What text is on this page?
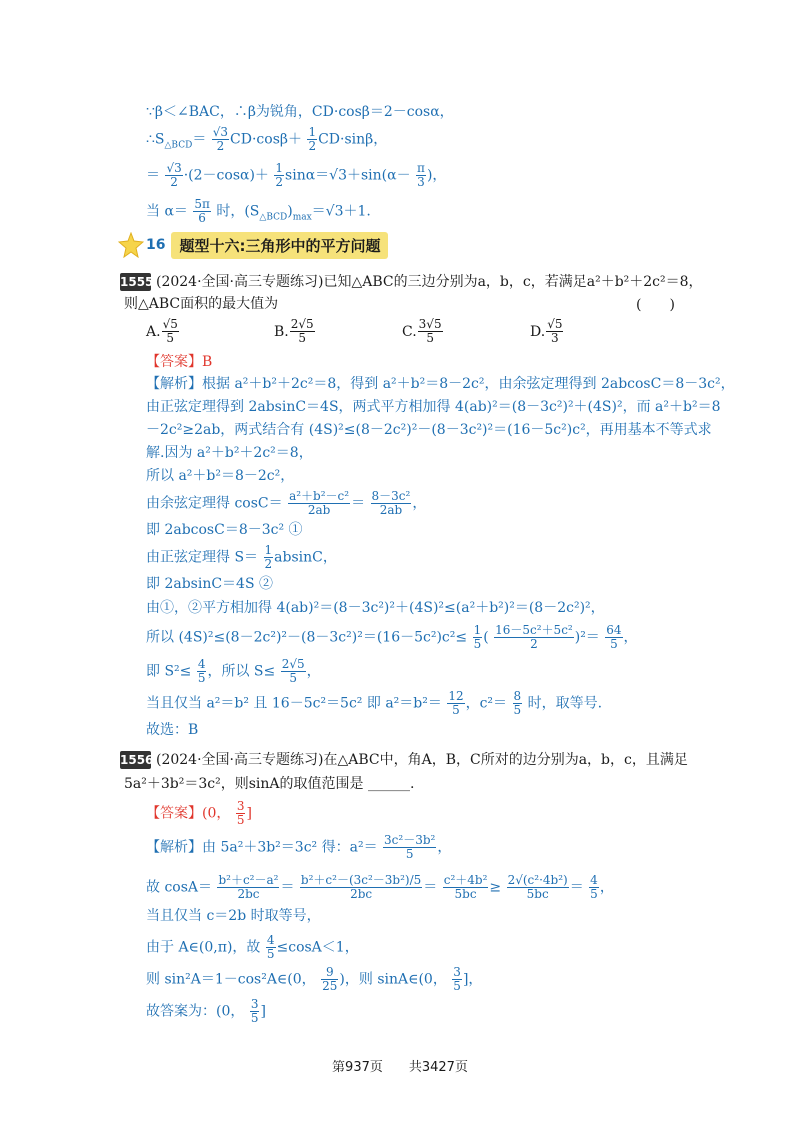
∵β＜∠BAC，∴β为锐角，CD·cosβ＝2－cosα，
$\therefore S_{\triangle BCD}= \frac{√3}{2} CD\cdot\cos\beta+ \frac{1}{2} CD\cdot\sin\beta$，
＝ $\frac{√3}{2} \cdot(2-\cos\alpha)+ \frac{1}{2} \sin\alpha=√3+\sin(\alpha- \frac{\pi}{3}$ )，
当 $\alpha= \frac{5\pi}{6}$ 时，$(S_{\triangle BCD})_{max}=√3+1$.
16 题型十六:三角形中的平方问题
1555 (2024·全国·高三专题练习)已知△ABC的三边分别为a，b，c，若满足a²＋b²＋2c²＝8，
则△ABC面积的最大值为	(　　)
A. √5
5	B. 2√5
5	C. 3√5
5	D. √5
3
【答案】B
【解析】根据 a²＋b²＋2c²＝8，得到 a²＋b²＝8－2c²，由余弦定理得到 2abcosC＝8－3c²，
由正弦定理得到 2absinC＝4S，两式平方相加得 4(ab)²＝(8－3c²)²＋(4S)²，而 a²＋b²＝8
－2c²≥2ab，两式结合有 (4S)²≤(8－2c²)²－(8－3c²)²＝(16－5c²)c²，再用基本不等式求
解.因为 a²＋b²＋2c²＝8，
所以 a²＋b²＝8－2c²，
由余弦定理得 $\cos C= \frac{\text{a²＋b²－c²}}{2ab} = \frac{\text{8－3c²}}{2ab}$ ，
即 2abcosC＝8－3c² ①
由正弦定理得 $S= \frac{1}{2}$ absinC，
即 2absinC＝4S ②
由①，②平方相加得 4(ab)²＝(8－3c²)²＋(4S)²≤(a²＋b²)²＝(8－2c²)²，
所以 $(4S)^2\le(8-2c^2)^2-(8-3c^2)^2=(16-5c^2)c^2\le \frac{1}{5}$ ( $\frac{\text{16－5c²＋5c²}}{2} )^2= \frac{64}{5}$ ，
即 $S^2\le \frac{4}{5}$ ，所以 $S\le \frac{2√5}{5}$ ，
当且仅当 a²＝b² 且 16－5c²＝5c² 即 $a^2=b^2= \frac{12}{5}$ ，$c^2= \frac{8}{5}$ 时，取等号.
故选：B
1556 (2024·全国·高三专题练习)在△ABC中，角A，B，C所对的边分别为a，b，c，且满足
5a²＋3b²＝3c²，则sinA的取值范围是 ______.
【答案】(0， $\frac{3}{5}$ ]
【解析】由 5a²＋3b²＝3c² 得：$a^2= \frac{\text{3c²－3b²}}{5}$ ，
故 $\cos A= \frac{\text{b²＋c²－a²}}{2bc} = \frac{\text{b²＋c²－(3c²－3b²)/5}}{2bc} = \frac{\text{c²＋4b²}}{5bc} \ge \frac{\text{2√(c²·4b²)}}{5bc} = \frac{4}{5}$ ，
当且仅当 c＝2b 时取等号，
由于 A∈(0,π)，故 $\frac{4}{5} \le\cos A<1$，
则 sin²A＝1－cos²A∈(0， $\frac{9}{25}$ )，则 sinA∈(0， $\frac{3}{5}$ ]，
故答案为：(0， $\frac{3}{5}$ ]
第937页　　共3427页
